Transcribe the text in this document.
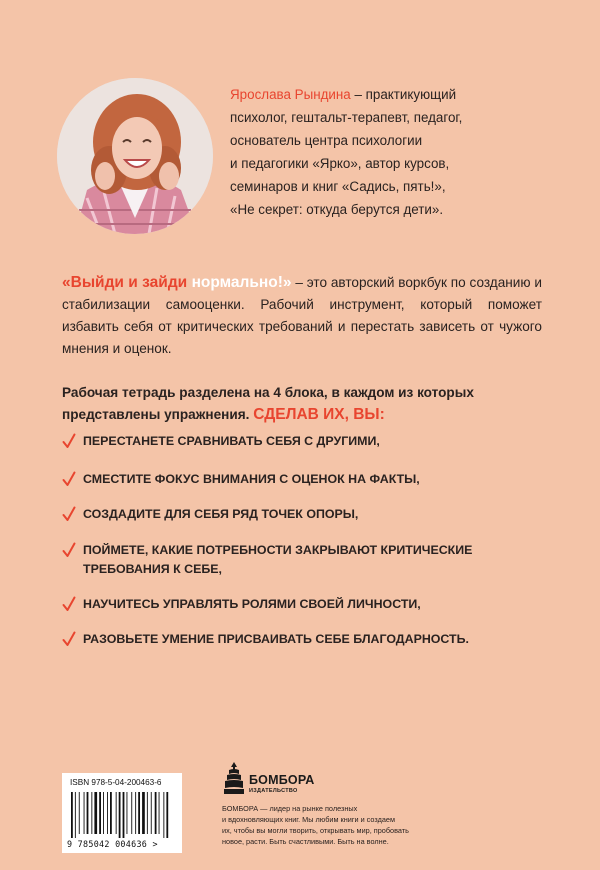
Ярослава Рындина – практикующий
психолог, гештальт-терапевт, педагог,
основатель центра психологии
и педагогики «Ярко», автор курсов,
семинаров и книг «Садись, пять!»,
«Не секрет: откуда берутся дети».
«Выйди и зайди нормально!» – это авторский воркбук по созданию и стабилизации самооценки. Рабочий инструмент, который поможет избавить себя от критических требований и перестать зависеть от чужого мнения и оценок.
Рабочая тетрадь разделена на 4 блока, в каждом из которых представлены упражнения. СДЕЛАВ ИХ, ВЫ:
ПЕРЕСТАНЕТЕ СРАВНИВАТЬ СЕБЯ С ДРУГИМИ,
СМЕСТИТЕ ФОКУС ВНИМАНИЯ С ОЦЕНОК НА ФАКТЫ,
СОЗДАДИТЕ ДЛЯ СЕБЯ РЯД ТОЧЕК ОПОРЫ,
ПОЙМЕТЕ, КАКИЕ ПОТРЕБНОСТИ ЗАКРЫВАЮТ КРИТИЧЕСКИЕ ТРЕБОВАНИЯ К СЕБЕ,
НАУЧИТЕСЬ УПРАВЛЯТЬ РОЛЯМИ СВОЕЙ ЛИЧНОСТИ,
РАЗОВЬЕТЕ УМЕНИЕ ПРИСВАИВАТЬ СЕБЕ БЛАГОДАРНОСТЬ.
ISBN 978-5-04-200463-6
9 785042 004636 >
БОМБОРА
ИЗДАТЕЛЬСТВО
БОМБОРА — лидер на рынке полезных
и вдохновляющих книг. Мы любим книги и создаем
их, чтобы вы могли творить, открывать мир, пробовать
новое, расти. Быть счастливыми. Быть на волне.
